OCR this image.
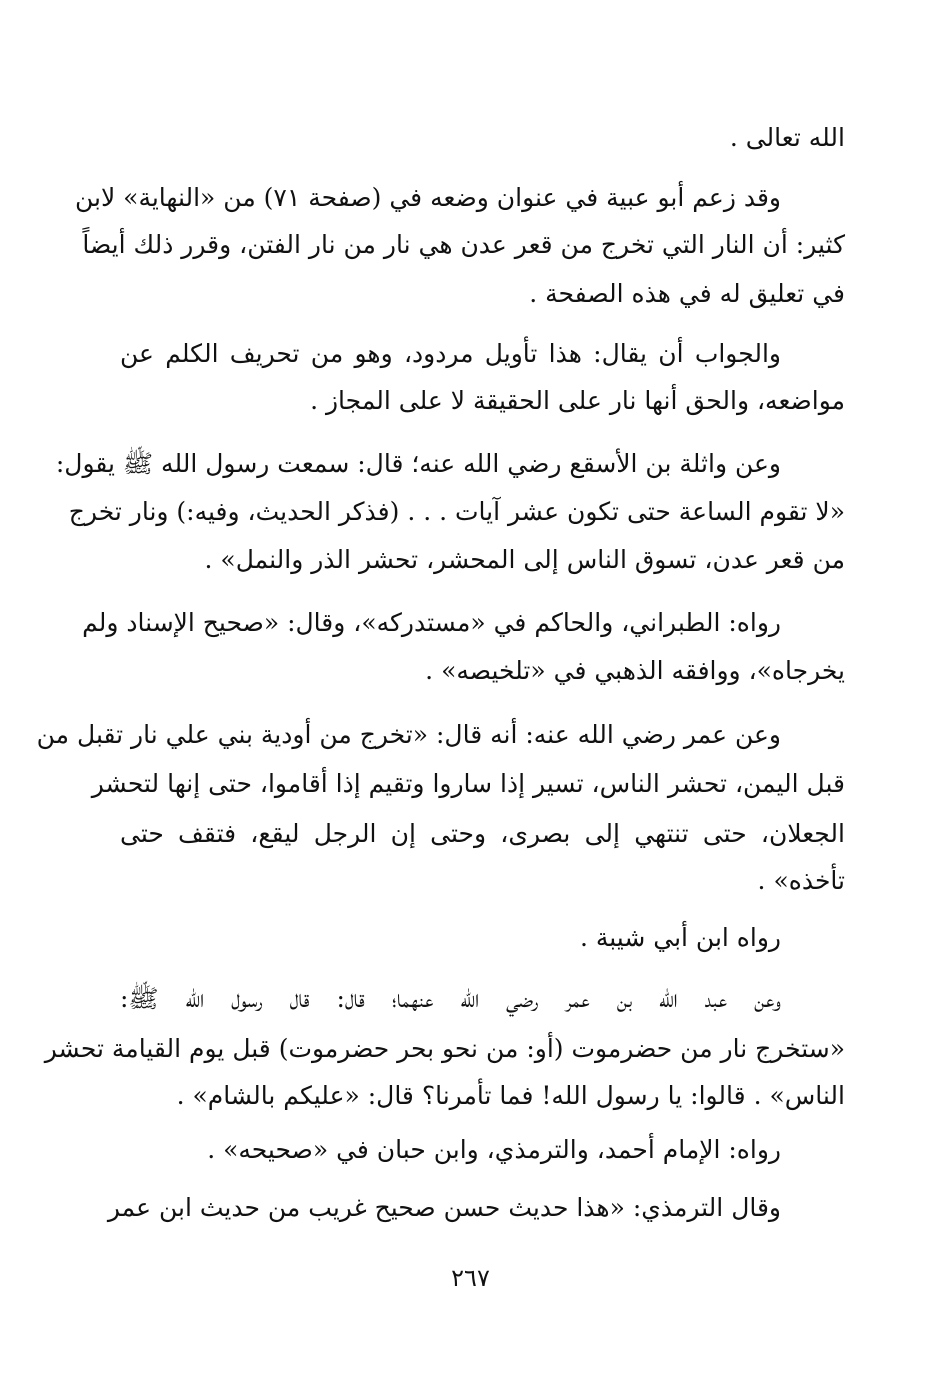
الله تعالى .
وقد زعم أبو عبية في عنوان وضعه في (صفحة ٧١) من «النهاية» لابن
كثير: أن النار التي تخرج من قعر عدن هي نار من نار الفتن، وقرر ذلك أيضاً
في تعليق له في هذه الصفحة .
والجواب أن يقال: هذا تأويل مردود، وهو من تحريف الكلم عن
مواضعه، والحق أنها نار على الحقيقة لا على المجاز .
وعن واثلة بن الأسقع رضي الله عنه؛ قال: سمعت رسول الله ﷺ يقول:
«لا تقوم الساعة حتى تكون عشر آيات . . . (فذكر الحديث، وفيه:) ونار تخرج
من قعر عدن، تسوق الناس إلى المحشر، تحشر الذر والنمل» .
رواه: الطبراني، والحاكم في «مستدركه»، وقال: «صحيح الإسناد ولم
يخرجاه»، ووافقه الذهبي في «تلخيصه» .
وعن عمر رضي الله عنه: أنه قال: «تخرج من أودية بني علي نار تقبل من
قبل اليمن، تحشر الناس، تسير إذا ساروا وتقيم إذا أقاموا، حتى إنها لتحشر
الجعلان، حتى تنتهي إلى بصرى، وحتى إن الرجل ليقع، فتقف حتى
تأخذه» .
رواه ابن أبي شيبة .
وعن عبد الله بن عمر رضي الله عنهما؛ قال: قال رسول الله ﷺ:
«ستخرج نار من حضرموت (أو: من نحو بحر حضرموت) قبل يوم القيامة تحشر
الناس» . قالوا: يا رسول الله! فما تأمرنا؟ قال: «عليكم بالشام» .
رواه: الإمام أحمد، والترمذي، وابن حبان في «صحيحه» .
وقال الترمذي: «هذا حديث حسن صحيح غريب من حديث ابن عمر
٢٦٧
